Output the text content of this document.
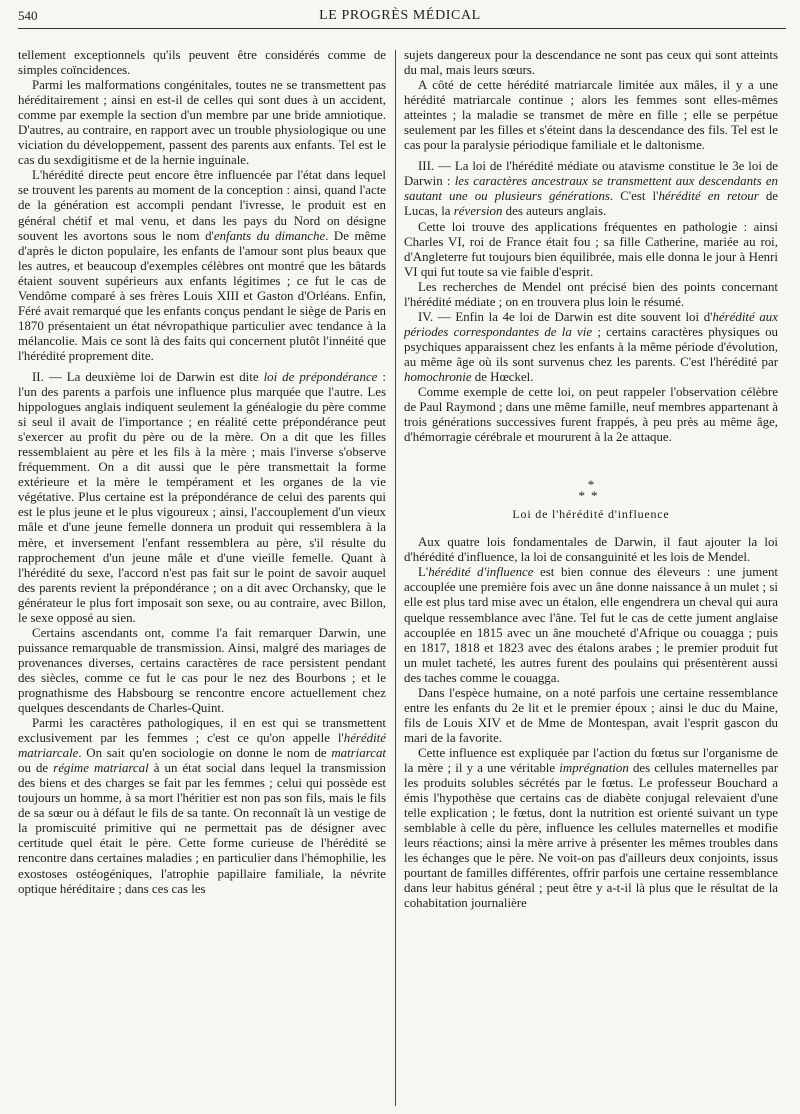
540	LE PROGRÈS MÉDICAL

tellement exceptionnels qu'ils peuvent être considérés comme de simples coïncidences.

Parmi les malformations congénitales, toutes ne se transmettent pas héréditairement ; ainsi en est-il de celles qui sont dues à un accident, comme par exemple la section d'un membre par une bride amniotique. D'autres, au contraire, en rapport avec un trouble physiologique ou une viciation du développement, passent des parents aux enfants. Tel est le cas du sexdigitisme et de la hernie inguinale.

L'hérédité directe peut encore être influencée par l'état dans lequel se trouvent les parents au moment de la conception : ainsi, quand l'acte de la génération est accompli pendant l'ivresse, le produit est en général chétif et mal venu, et dans les pays du Nord on désigne souvent les avortons sous le nom d'enfants du dimanche. De même d'après le dicton populaire, les enfants de l'amour sont plus beaux que les autres, et beaucoup d'exemples célèbres ont montré que les bâtards étaient souvent supérieurs aux enfants légitimes ; ce fut le cas de Vendôme comparé à ses frères Louis XIII et Gaston d'Orléans. Enfin, Féré avait remarqué que les enfants conçus pendant le siège de Paris en 1870 présentaient un état névropathique particulier avec tendance à la mélancolie. Mais ce sont là des faits qui concernent plutôt l'innéité que l'hérédité proprement dite.

II. — La deuxième loi de Darwin est dite loi de prépondérance : l'un des parents a parfois une influence plus marquée que l'autre. Les hippologues anglais indiquent seulement la généalogie du père comme si seul il avait de l'importance ; en réalité cette prépondérance peut s'exercer au profit du père ou de la mère. On a dit que les filles ressemblaient au père et les fils à la mère ; mais l'inverse s'observe fréquemment. On a dit aussi que le père transmettait la forme extérieure et la mère le tempérament et les organes de la vie végétative. Plus certaine est la prépondérance de celui des parents qui est le plus jeune et le plus vigoureux ; ainsi, l'accouplement d'un vieux mâle et d'une jeune femelle donnera un produit qui ressemblera à la mère, et inversement l'enfant ressemblera au père, s'il résulte du rapprochement d'un jeune mâle et d'une vieille femelle. Quant à l'hérédité du sexe, l'accord n'est pas fait sur le point de savoir auquel des parents revient la prépondérance ; on a dit avec Orchansky, que le générateur le plus fort imposait son sexe, ou au contraire, avec Billon, le sexe opposé au sien.

Certains ascendants ont, comme l'a fait remarquer Darwin, une puissance remarquable de transmission. Ainsi, malgré des mariages de provenances diverses, certains caractères de race persistent pendant des siècles, comme ce fut le cas pour le nez des Bourbons ; et le prognathisme des Habsbourg se rencontre encore actuellement chez quelques descendants de Charles-Quint.

Parmi les caractères pathologiques, il en est qui se transmettent exclusivement par les femmes ; c'est ce qu'on appelle l'hérédité matriarcale. On sait qu'en sociologie on donne le nom de matriarcat ou de régime matriarcal à un état social dans lequel la transmission des biens et des charges se fait par les femmes ; celui qui possède est toujours un homme, à sa mort l'héritier est non pas son fils, mais le fils de sa sœur ou à défaut le fils de sa tante. On reconnaît là un vestige de la promiscuité primitive qui ne permettait pas de désigner avec certitude quel était le père. Cette forme curieuse de l'hérédité se rencontre dans certaines maladies ; en particulier dans l'hémophilie, les exostoses ostéogéniques, l'atrophie papillaire familiale, la névrite optique héréditaire ; dans ces cas les

sujets dangereux pour la descendance ne sont pas ceux qui sont atteints du mal, mais leurs sœurs.

A côté de cette hérédité matriarcale limitée aux mâles, il y a une hérédité matriarcale continue ; alors les femmes sont elles-mêmes atteintes ; la maladie se transmet de mère en fille ; elle se perpétue seulement par les filles et s'éteint dans la descendance des fils. Tel est le cas pour la paralysie périodique familiale et le daltonisme.

III. — La loi de l'hérédité médiate ou atavisme constitue le 3e loi de Darwin : les caractères ancestraux se transmettent aux descendants en sautant une ou plusieurs générations. C'est l'hérédité en retour de Lucas, la réversion des auteurs anglais.

Cette loi trouve des applications fréquentes en pathologie : ainsi Charles VI, roi de France était fou ; sa fille Catherine, mariée au roi, d'Angleterre fut toujours bien équilibrée, mais elle donna le jour à Henri VI qui fut toute sa vie faible d'esprit.

Les recherches de Mendel ont précisé bien des points concernant l'hérédité médiate ; on en trouvera plus loin le résumé.

IV. — Enfin la 4e loi de Darwin est dite souvent loi d'hérédité aux périodes correspondantes de la vie ; certains caractères physiques ou psychiques apparaissent chez les enfants à la même période d'évolution, au même âge où ils sont survenus chez les parents. C'est l'hérédité par homochronie de Hœckel.

Comme exemple de cette loi, on peut rappeler l'observation célèbre de Paul Raymond ; dans une même famille, neuf membres appartenant à trois générations successives furent frappés, à peu près au même âge, d'hémorragie cérébrale et moururent à la 2e attaque.

*
**
Loi de l'hérédité d'influence

Aux quatre lois fondamentales de Darwin, il faut ajouter la loi d'hérédité d'influence, la loi de consanguinité et les lois de Mendel.

L'hérédité d'influence est bien connue des éleveurs : une jument accouplée une première fois avec un âne donne naissance à un mulet ; si elle est plus tard mise avec un étalon, elle engendrera un cheval qui aura quelque ressemblance avec l'âne. Tel fut le cas de cette jument anglaise accouplée en 1815 avec un âne moucheté d'Afrique ou couagga ; puis en 1817, 1818 et 1823 avec des étalons arabes ; le premier produit fut un mulet tacheté, les autres furent des poulains qui présentèrent aussi des taches comme le couagga.

Dans l'espèce humaine, on a noté parfois une certaine ressemblance entre les enfants du 2e lit et le premier époux ; ainsi le duc du Maine, fils de Louis XIV et de Mme de Montespan, avait l'esprit gascon du mari de la favorite.

Cette influence est expliquée par l'action du fœtus sur l'organisme de la mère ; il y a une véritable imprégnation des cellules maternelles par les produits solubles sécrétés par le fœtus. Le professeur Bouchard a émis l'hypothèse que certains cas de diabète conjugal relevaient d'une telle explication ; le fœtus, dont la nutrition est orienté suivant un type semblable à celle du père, influence les cellules maternelles et modifie leurs réactions; ainsi la mère arrive à présenter les mêmes troubles dans les échanges que le père. Ne voit-on pas d'ailleurs deux conjoints, issus pourtant de familles différentes, offrir parfois une certaine ressemblance dans leur habitus général ; peut être y a-t-il là plus que le résultat de la cohabitation journalière
